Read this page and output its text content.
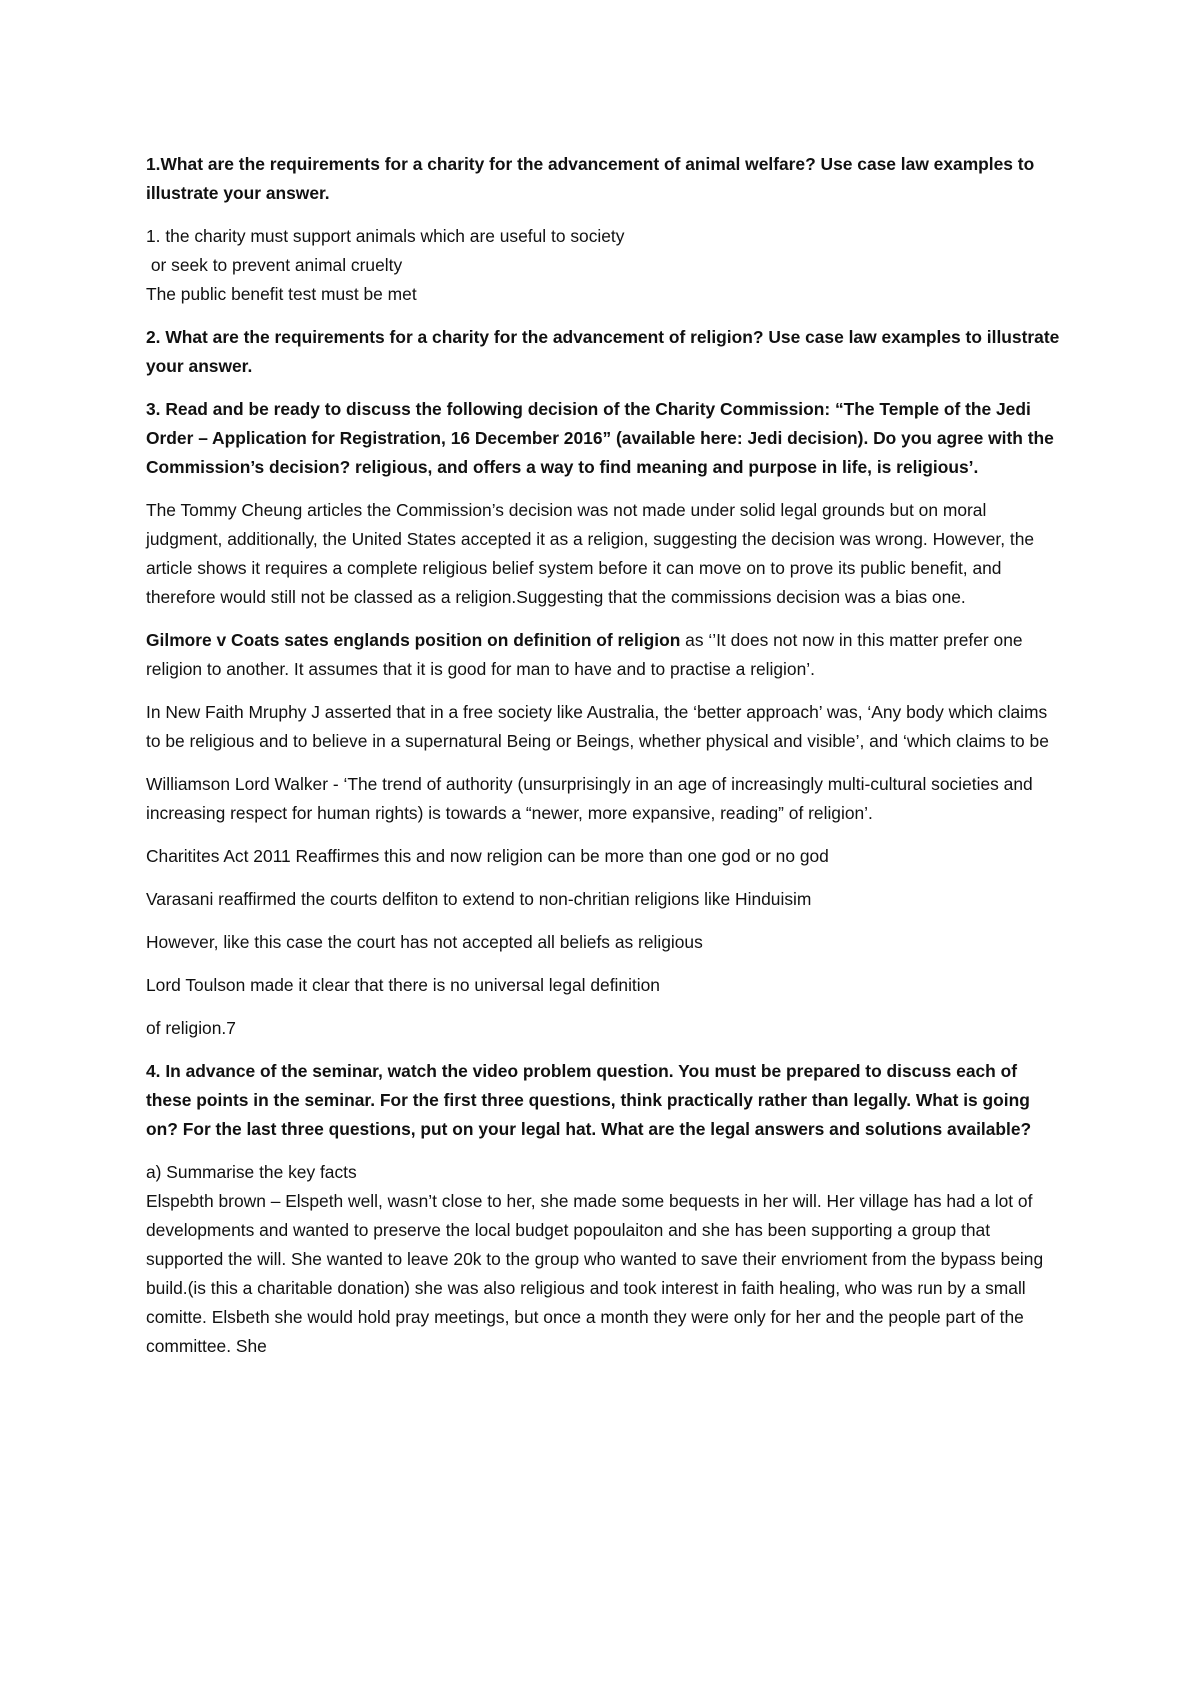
1.What are the requirements for a charity for the advancement of animal welfare? Use case law examples to illustrate your answer.

1. the charity must support animals which are useful to society
or seek to prevent animal cruelty
The public benefit test must be met

2. What are the requirements for a charity for the advancement of religion? Use case law examples to illustrate your answer.

3. Read and be ready to discuss the following decision of the Charity Commission: “The Temple of the Jedi Order – Application for Registration, 16 December 2016” (available here: Jedi decision). Do you agree with the Commission’s decision? religious, and offers a way to find meaning and purpose in life, is religious’.

The Tommy Cheung articles the Commission’s decision was not made under solid legal grounds but on moral judgment, additionally, the United States accepted it as a religion, suggesting the decision was wrong. However, the article shows it requires a complete religious belief system before it can move on to prove its public benefit, and therefore would still not be classed as a religion.Suggesting that the commissions decision was a bias one.

Gilmore v Coats sates englands position on definition of religion as ‘’It does not now in this matter prefer one religion to another. It assumes that it is good for man to have and to practise a religion’.

In New Faith Mruphy J asserted that in a free society like Australia, the ‘better approach’ was, ‘Any body which claims to be religious and to believe in a supernatural Being or Beings, whether physical and visible’, and ‘which claims to be

Williamson Lord Walker - ‘The trend of authority (unsurprisingly in an age of increasingly multi-cultural societies and increasing respect for human rights) is towards a “newer, more expansive, reading” of religion’.

Charitites Act 2011 Reaffirmes this and now religion can be more than one god or no god

Varasani reaffirmed the courts delfiton to extend to non-chritian religions like Hinduisim

However, like this case the court has not accepted all beliefs as religious

Lord Toulson made it clear that there is no universal legal definition

of religion.7

4. In advance of the seminar, watch the video problem question. You must be prepared to discuss each of these points in the seminar. For the first three questions, think practically rather than legally. What is going on? For the last three questions, put on your legal hat. What are the legal answers and solutions available?

a) Summarise the key facts
Elspebth brown – Elspeth well, wasn’t close to her, she made some bequests in her will. Her village has had a lot of developments and wanted to preserve the local budget popoulaiton and she has been supporting a group that supported the will. She wanted to leave 20k to the group who wanted to save their envrioment from the bypass being build.(is this a charitable donation) she was also religious and took interest in faith healing, who was run by a small comitte. Elsbeth she would hold pray meetings, but once a month they were only for her and the people part of the committee. She
